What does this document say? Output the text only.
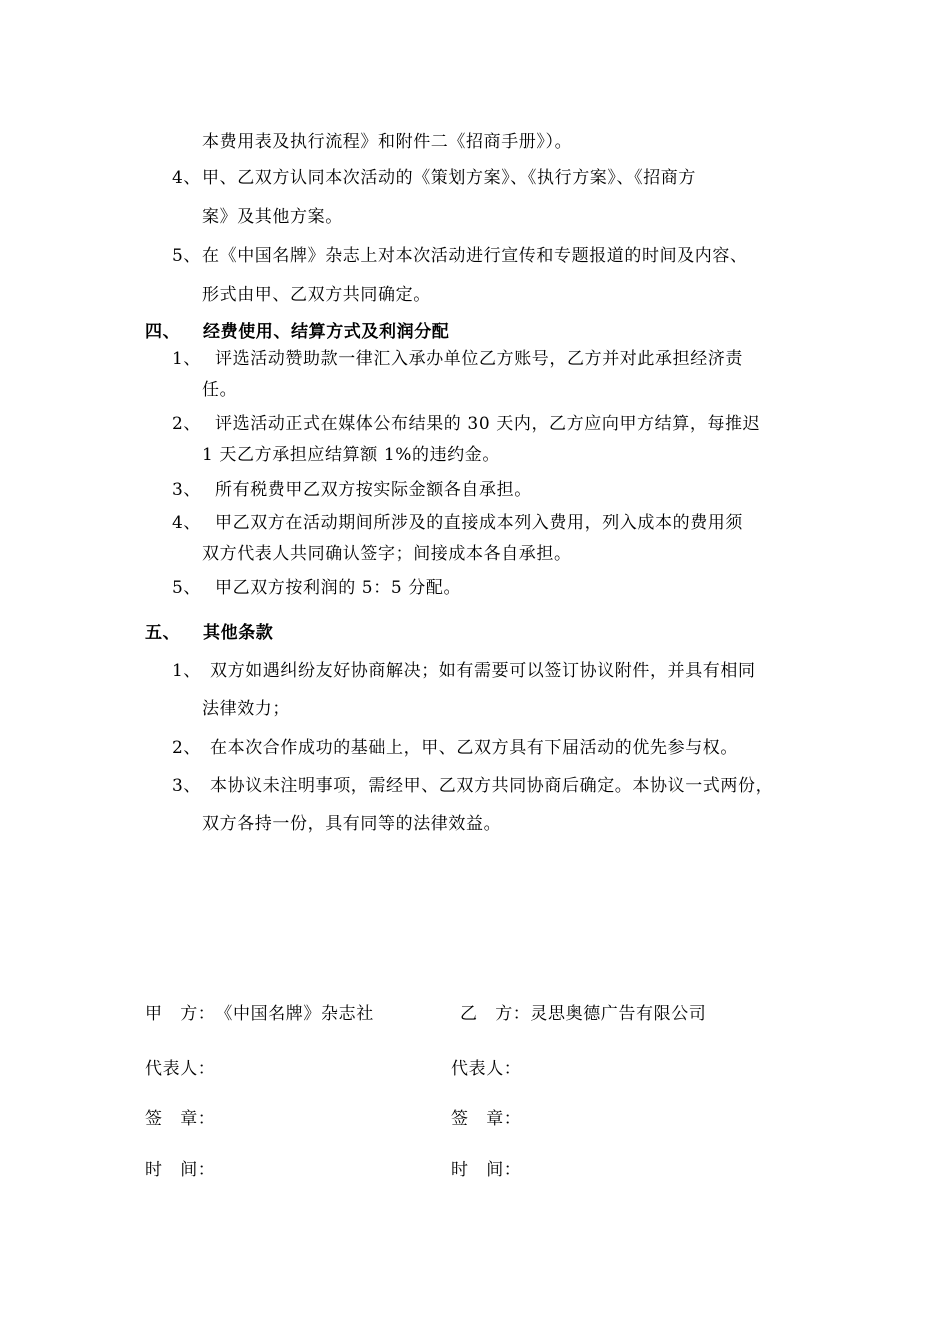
本费用表及执行流程》和附件二《招商手册》）。
4、甲、乙双方认同本次活动的《策划方案》、《执行方案》、《招商方
案》及其他方案。
5、在《中国名牌》杂志上对本次活动进行宣传和专题报道的时间及内容、
形式由甲、乙双方共同确定。
四、 经费使用、结算方式及利润分配
1、 评选活动赞助款一律汇入承办单位乙方账号，乙方并对此承担经济责
任。
2、 评选活动正式在媒体公布结果的 30 天内，乙方应向甲方结算，每推迟
1 天乙方承担应结算额 1%的违约金。
3、 所有税费甲乙双方按实际金额各自承担。
4、 甲乙双方在活动期间所涉及的直接成本列入费用，列入成本的费用须
双方代表人共同确认签字；间接成本各自承担。
5、 甲乙双方按利润的 5：5 分配。
五、 其他条款
1、 双方如遇纠纷友好协商解决；如有需要可以签订协议附件，并具有相同
法律效力；
2、 在本次合作成功的基础上，甲、乙双方具有下届活动的优先参与权。
3、 本协议未注明事项，需经甲、乙双方共同协商后确定。本协议一式两份，
双方各持一份，具有同等的法律效益。
甲　方：《中国名牌》杂志社	乙　方：灵思奥德广告有限公司
代表人：	代表人：
签　章：	签　章：
时　间：	时　间：
